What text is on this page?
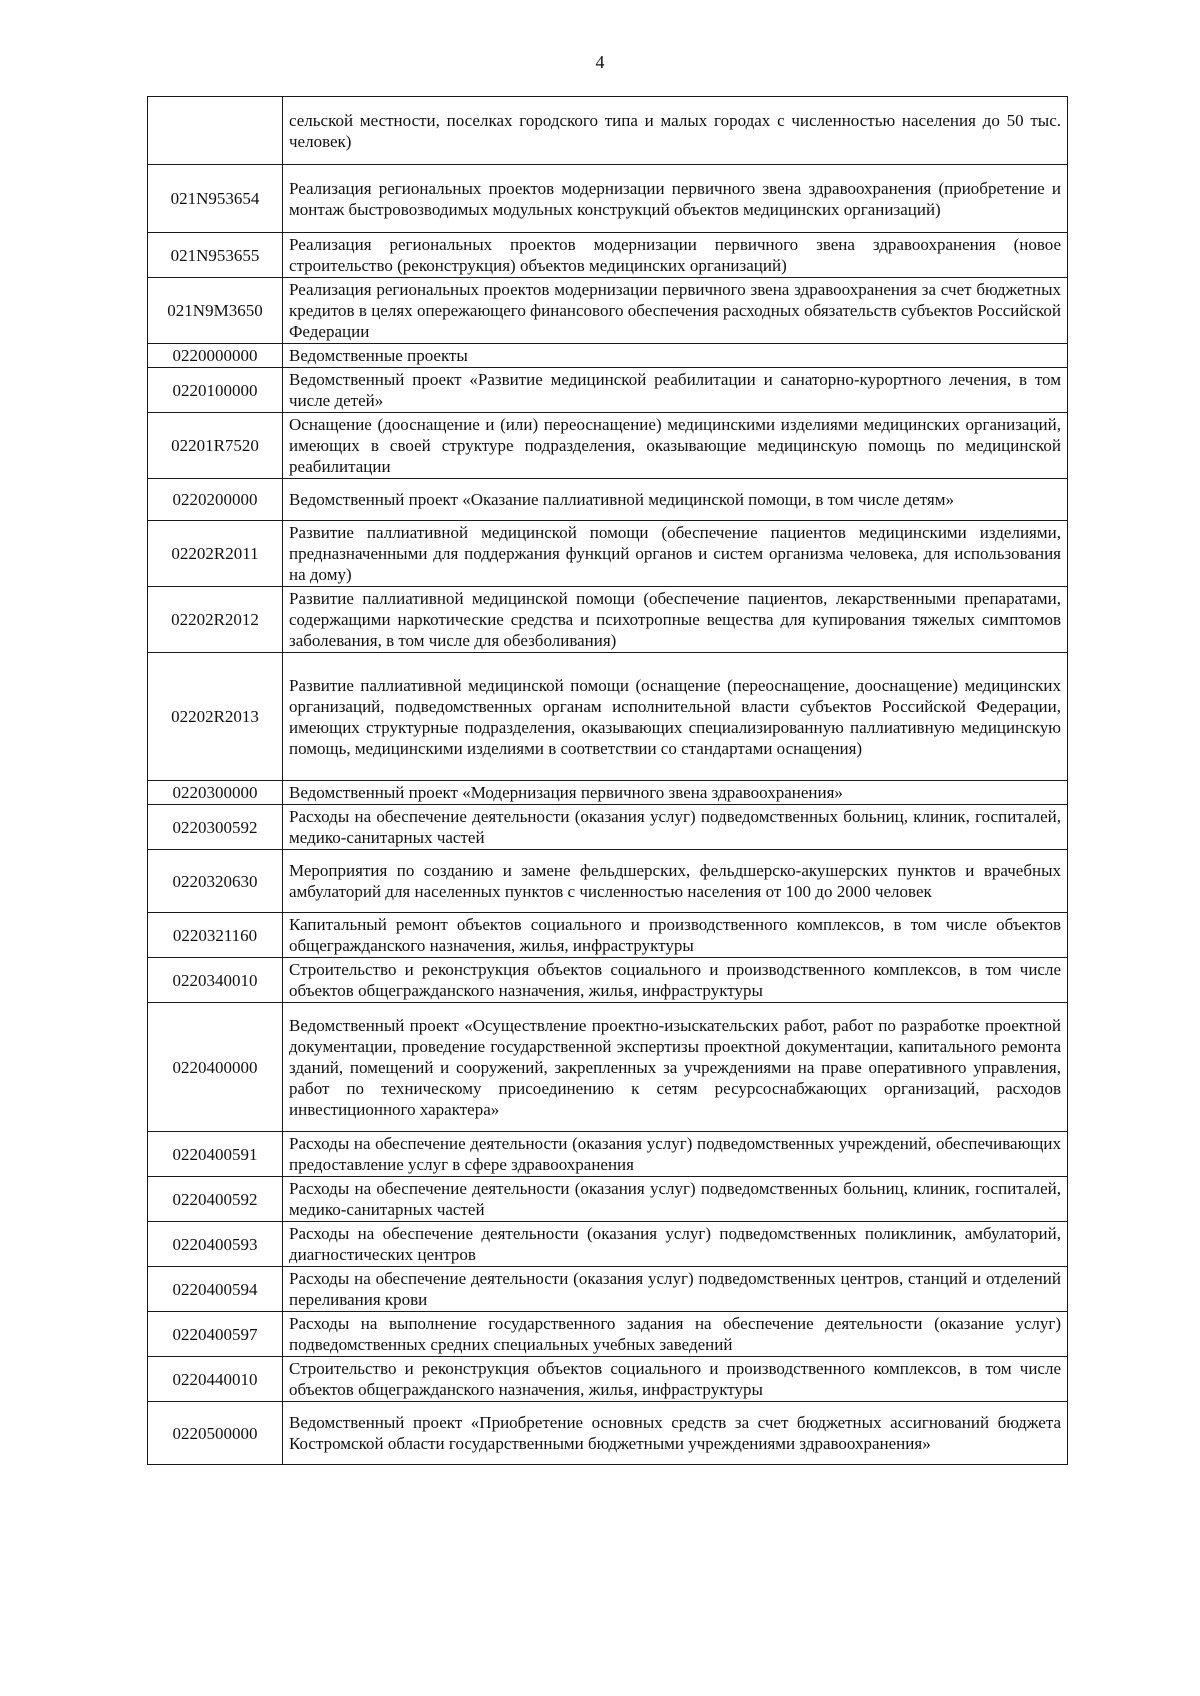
4
	сельской местности, поселках городского типа и малых городах с численностью населения до 50 тыс. человек)
021N953654	Реализация региональных проектов модернизации первичного звена здравоохранения (приобретение и монтаж быстровозводимых модульных конструкций объектов медицинских организаций)
021N953655	Реализация региональных проектов модернизации первичного звена здравоохранения (новое строительство (реконструкция) объектов медицинских организаций)
021N9M3650	Реализация региональных проектов модернизации первичного звена здравоохранения за счет бюджетных кредитов в целях опережающего финансового обеспечения расходных обязательств субъектов Российской Федерации
0220000000	Ведомственные проекты
0220100000	Ведомственный проект «Развитие медицинской реабилитации и санаторно-курортного лечения, в том числе детей»
02201R7520	Оснащение (дооснащение и (или) переоснащение) медицинскими изделиями медицинских организаций, имеющих в своей структуре подразделения, оказывающие медицинскую помощь по медицинской реабилитации
0220200000	Ведомственный проект «Оказание паллиативной медицинской помощи, в том числе детям»
02202R2011	Развитие паллиативной медицинской помощи (обеспечение пациентов медицинскими изделиями, предназначенными для поддержания функций органов и систем организма человека, для использования на дому)
02202R2012	Развитие паллиативной медицинской помощи (обеспечение пациентов, лекарственными препаратами, содержащими наркотические средства и психотропные вещества для купирования тяжелых симптомов заболевания, в том числе для обезболивания)
02202R2013	Развитие паллиативной медицинской помощи (оснащение (переоснащение, дооснащение) медицинских организаций, подведомственных органам исполнительной власти субъектов Российской Федерации, имеющих структурные подразделения, оказывающих специализированную паллиативную медицинскую помощь, медицинскими изделиями в соответствии со стандартами оснащения)
0220300000	Ведомственный проект «Модернизация первичного звена здравоохранения»
0220300592	Расходы на обеспечение деятельности (оказания услуг) подведомственных больниц, клиник, госпиталей, медико-санитарных частей
0220320630	Мероприятия по созданию и замене фельдшерских, фельдшерско-акушерских пунктов и врачебных амбулаторий для населенных пунктов с численностью населения от 100 до 2000 человек
0220321160	Капитальный ремонт объектов социального и производственного комплексов, в том числе объектов общегражданского назначения, жилья, инфраструктуры
0220340010	Строительство и реконструкция объектов социального и производственного комплексов, в том числе объектов общегражданского назначения, жилья, инфраструктуры
0220400000	Ведомственный проект «Осуществление проектно-изыскательских работ, работ по разработке проектной документации, проведение государственной экспертизы проектной документации, капитального ремонта зданий, помещений и сооружений, закрепленных за учреждениями на праве оперативного управления, работ по техническому присоединению к сетям ресурсоснабжающих организаций, расходов инвестиционного характера»
0220400591	Расходы на обеспечение деятельности (оказания услуг) подведомственных учреждений, обеспечивающих предоставление услуг в сфере здравоохранения
0220400592	Расходы на обеспечение деятельности (оказания услуг) подведомственных больниц, клиник, госпиталей, медико-санитарных частей
0220400593	Расходы на обеспечение деятельности (оказания услуг) подведомственных поликлиник, амбулаторий, диагностических центров
0220400594	Расходы на обеспечение деятельности (оказания услуг) подведомственных центров, станций и отделений переливания крови
0220400597	Расходы на выполнение государственного задания на обеспечение деятельности (оказание услуг) подведомственных средних специальных учебных заведений
0220440010	Строительство и реконструкция объектов социального и производственного комплексов, в том числе объектов общегражданского назначения, жилья, инфраструктуры
0220500000	Ведомственный проект «Приобретение основных средств за счет бюджетных ассигнований бюджета Костромской области государственными бюджетными учреждениями здравоохранения»
